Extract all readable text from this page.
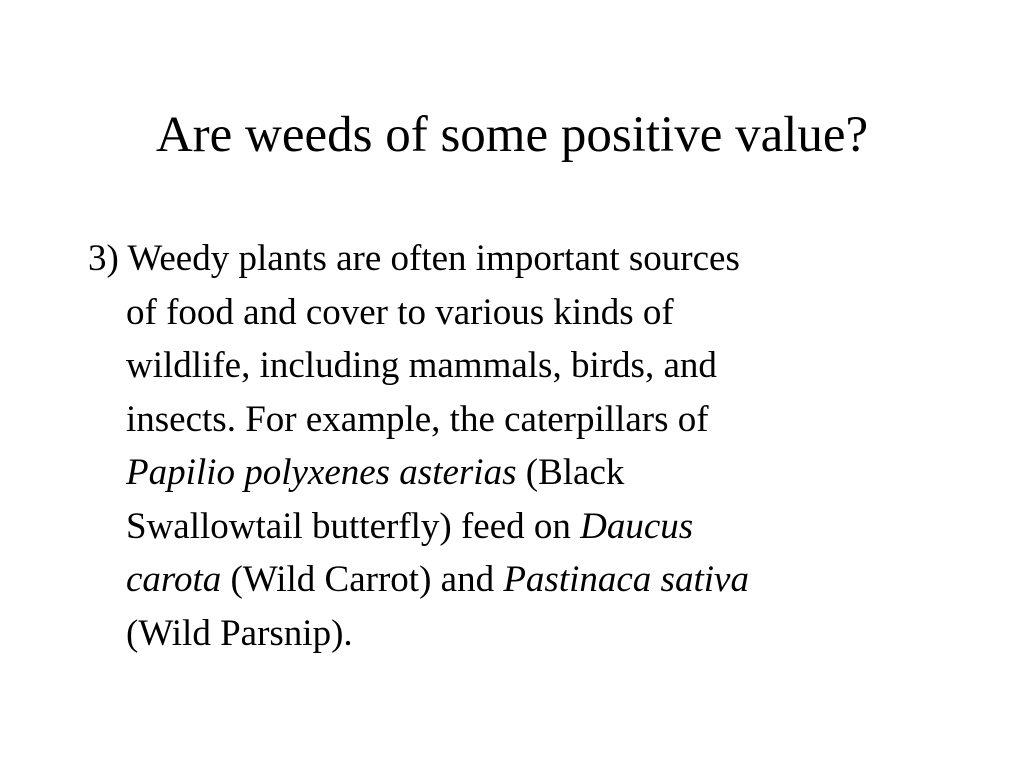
Are weeds of some positive value?
3) Weedy plants are often important sources
of food and cover to various kinds of
wildlife, including mammals, birds, and
insects. For example, the caterpillars of
Papilio polyxenes asterias (Black
Swallowtail butterfly) feed on Daucus
carota (Wild Carrot) and Pastinaca sativa
(Wild Parsnip).
